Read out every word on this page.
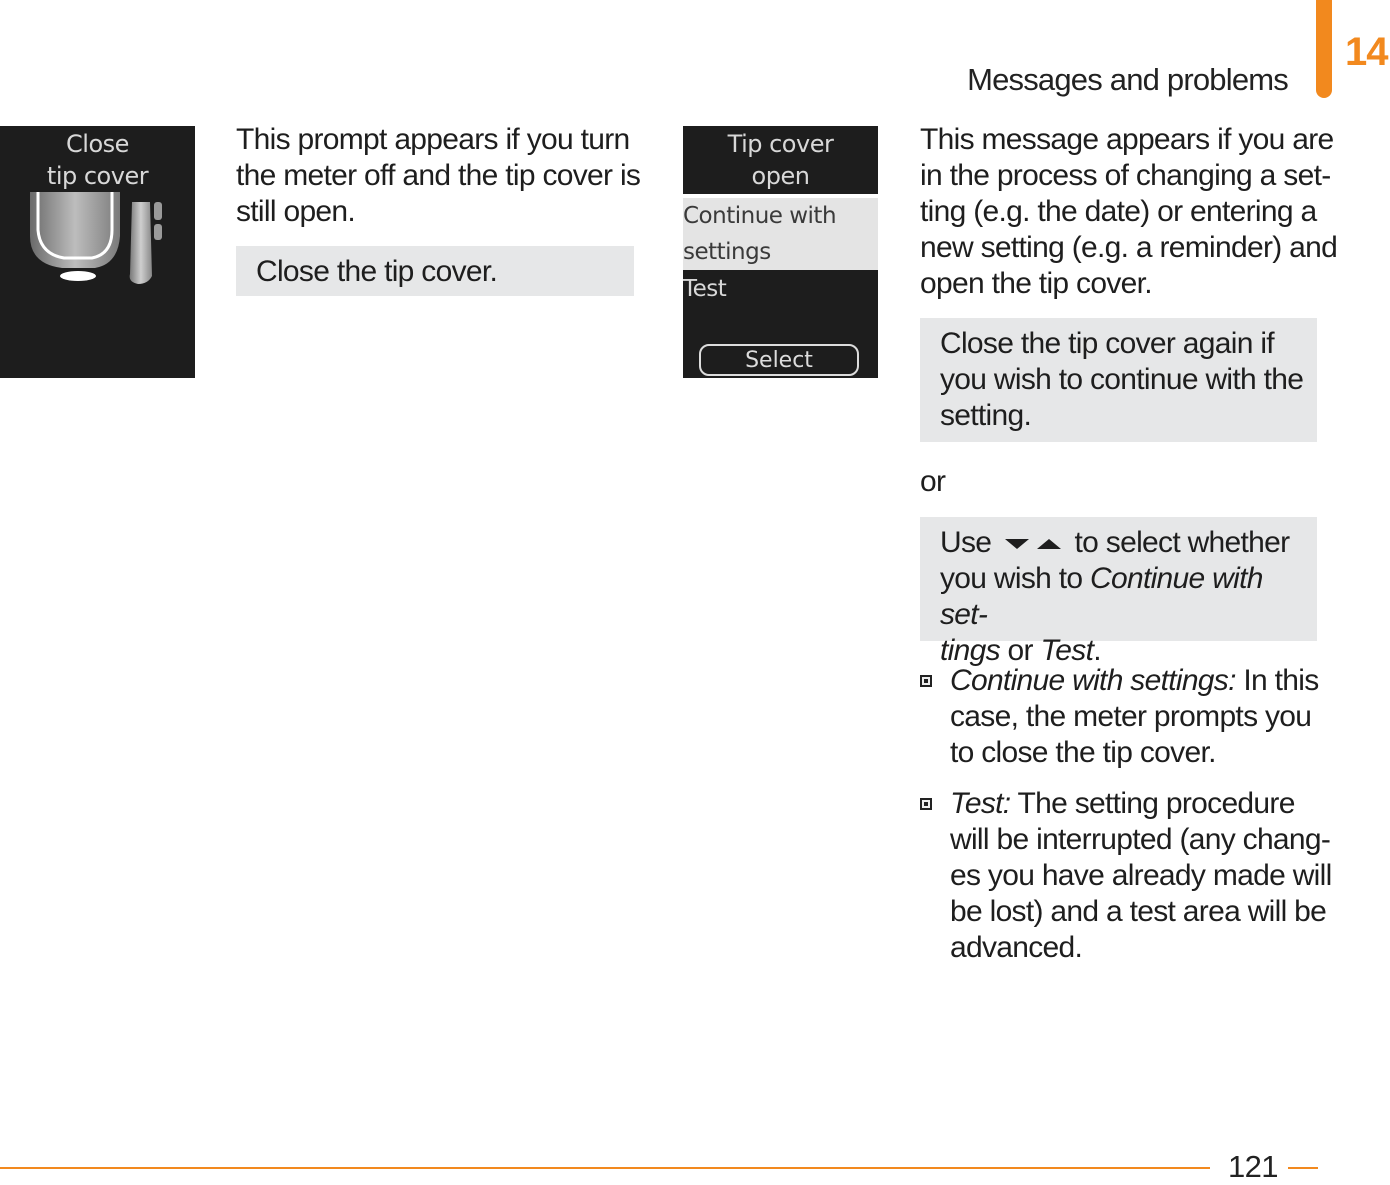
Messages and problems
14
Close
tip cover
This prompt appears if you turn
the meter off and the tip cover is
still open.
Close the tip cover.
Tip cover
open
Continue with
settings
Test
Select
This message appears if you are
in the process of changing a set-
ting (e.g. the date) or entering a
new setting (e.g. a reminder) and
open the tip cover.
Close the tip cover again if
you wish to continue with the
setting.
or
Use	to select whether
you wish to Continue with set-
tings or Test.
Continue with settings: In this
case, the meter prompts you
to close the tip cover.
Test: The setting procedure
will be interrupted (any chang-
es you have already made will
be lost) and a test area will be
advanced.
121
